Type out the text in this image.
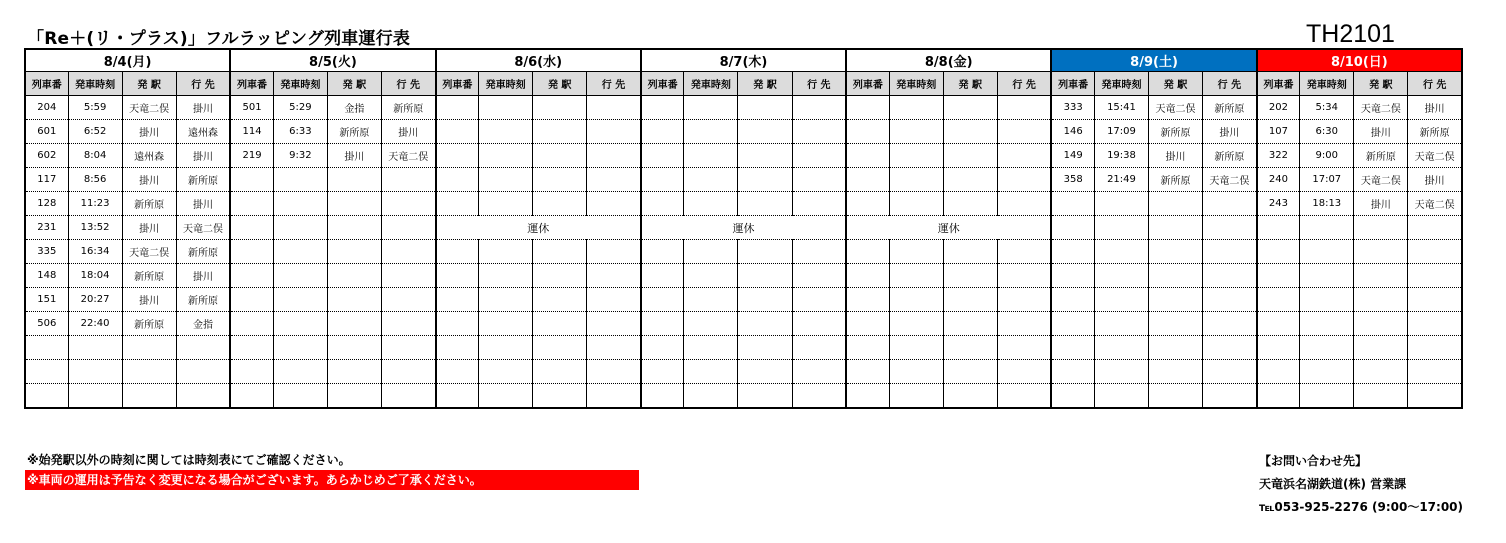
「Re＋(リ・プラス)」フルラッピング列車運行表	TH2101
8/4(月)				8/5(火)				8/6(水)				8/7(木)				8/8(金)				8/9(土)				8/10(日)			
列車番	発車時刻	発 駅	行 先	列車番	発車時刻	発 駅	行 先	列車番	発車時刻	発 駅	行 先	列車番	発車時刻	発 駅	行 先	列車番	発車時刻	発 駅	行 先	列車番	発車時刻	発 駅	行 先	列車番	発車時刻	発 駅	行 先
204	5:59	天竜二俣	掛川	501	5:29	金指	新所原													333	15:41	天竜二俣	新所原	202	5:34	天竜二俣	掛川
601	6:52	掛川	遠州森	114	6:33	新所原	掛川													146	17:09	新所原	掛川	107	6:30	掛川	新所原
602	8:04	遠州森	掛川	219	9:32	掛川	天竜二俣													149	19:38	掛川	新所原	322	9:00	新所原	天竜二俣
117	8:56	掛川	新所原																	358	21:49	新所原	天竜二俣	240	17:07	天竜二俣	掛川
128	11:23	新所原	掛川																					243	18:13	掛川	天竜二俣
231	13:52	掛川	天竜二俣					運休				運休				運休											

335	16:34	天竜二俣	新所原																								
148	18:04	新所原	掛川																								
151	20:27	掛川	新所原																								
506	22:40	新所原	金指																								

※始発駅以外の時刻に関しては時刻表にてご確認ください。
※車両の運用は予告なく変更になる場合がございます。あらかじめご了承ください。
【お問い合わせ先】
天竜浜名湖鉄道(株) 営業課
℡053-925-2276 (9:00〜17:00)
